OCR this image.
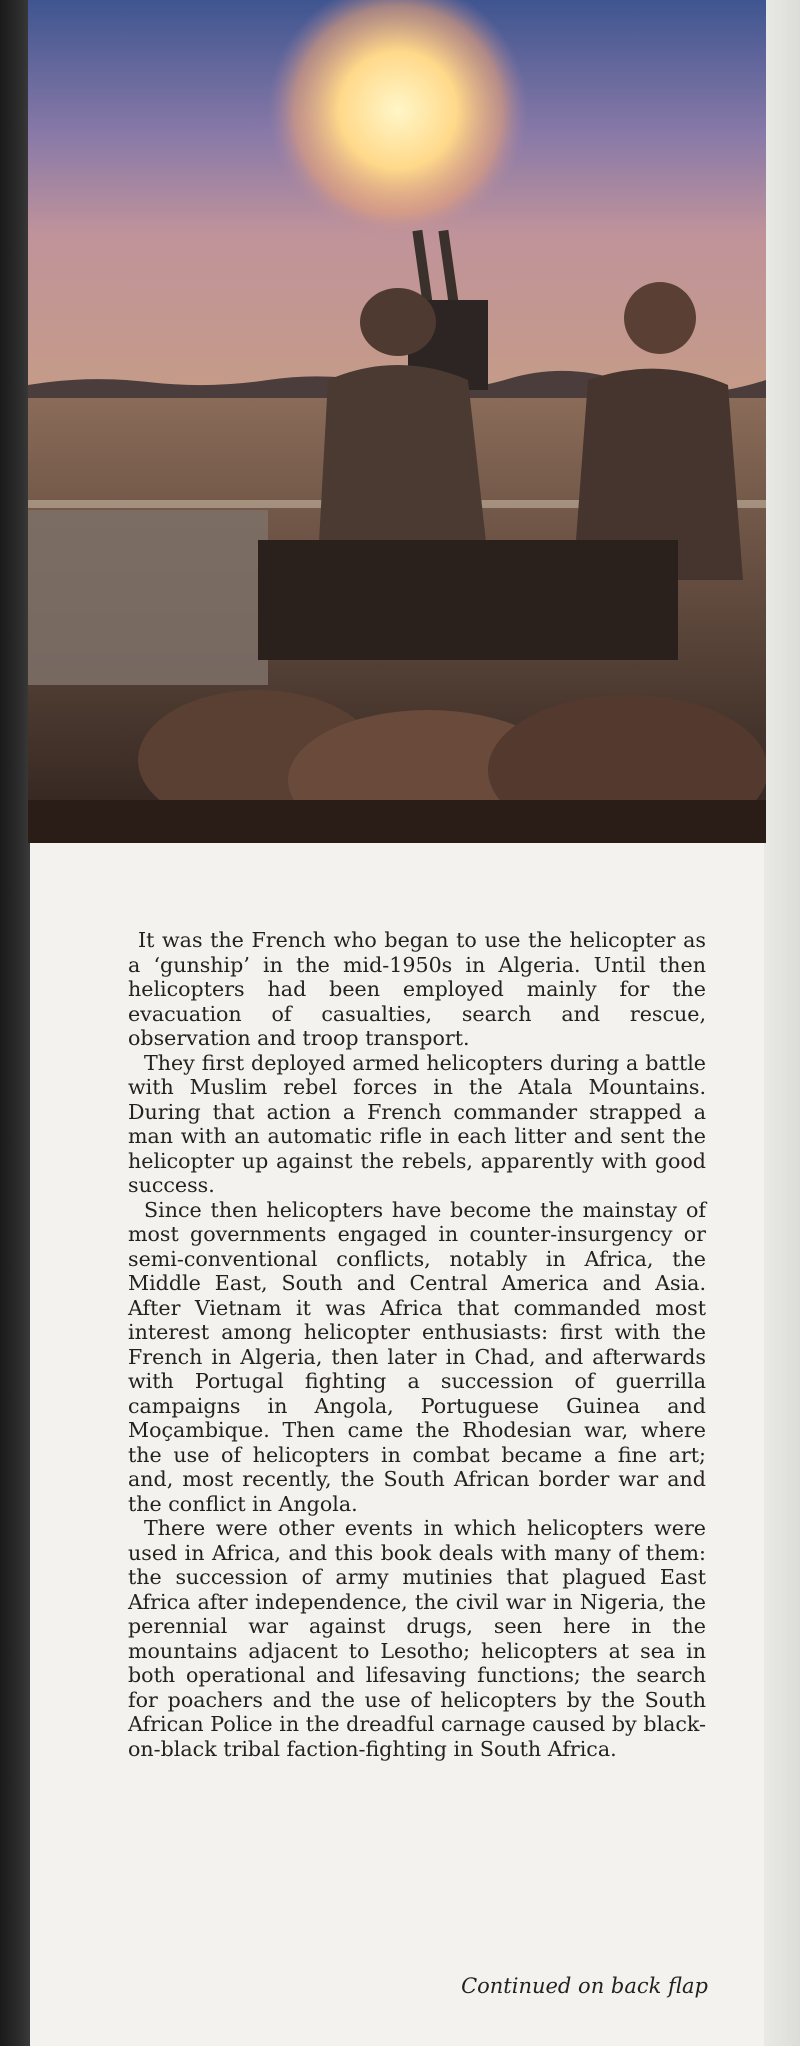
It was the French who began to use the helicopter as a ‘gunship’ in the mid-1950s in Algeria. Until then helicopters had been employed mainly for the evacuation of casualties, search and rescue, observation and troop transport.

They first deployed armed helicopters during a battle with Muslim rebel forces in the Atala Mountains. During that action a French commander strapped a man with an automatic rifle in each litter and sent the helicopter up against the rebels, apparently with good success.

Since then helicopters have become the mainstay of most governments engaged in counter-insurgency or semi-conventional conflicts, notably in Africa, the Middle East, South and Central America and Asia. After Vietnam it was Africa that commanded most interest among helicopter enthusiasts: first with the French in Algeria, then later in Chad, and afterwards with Portugal fighting a succession of guerrilla campaigns in Angola, Portuguese Guinea and Moçambique. Then came the Rhodesian war, where the use of helicopters in combat became a fine art; and, most recently, the South African border war and the conflict in Angola.

There were other events in which helicopters were used in Africa, and this book deals with many of them: the succession of army mutinies that plagued East Africa after independence, the civil war in Nigeria, the perennial war against drugs, seen here in the mountains adjacent to Lesotho; helicopters at sea in both operational and lifesaving functions; the search for poachers and the use of helicopters by the South African Police in the dreadful carnage caused by black-on-black tribal faction-fighting in South Africa.

Continued on back flap
